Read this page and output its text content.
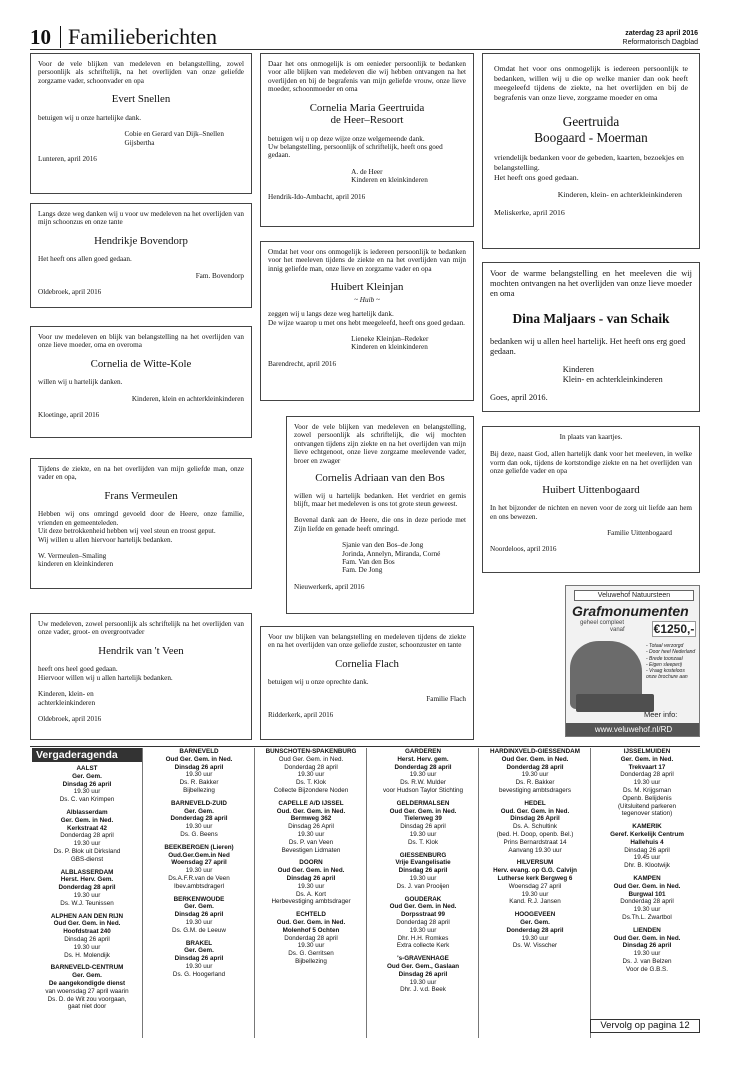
10 Familieberichten	zaterdag 23 april 2016
Reformatorisch Dagblad

Voor de vele blijken van medeleven en belangstelling, zowel persoonlijk als schriftelijk, na het overlijden van onze geliefde zorgzame vader, schoonvader en opa

Evert Snellen

betuigen wij u onze hartelijke dank.

Cobie en Gerard van Dijk–Snellen

Gijsbertha

Lunteren, april 2016

Langs deze weg danken wij u voor uw medeleven na het overlijden van mijn schoonzus en onze tante

Hendrikje Bovendorp

Het heeft ons allen goed gedaan.

Fam. Bovendorp

Oldebroek, april 2016

Voor uw medeleven en blijk van belangstelling na het overlijden van onze lieve moeder, oma en overoma

Cornelia de Witte-Kole

willen wij u hartelijk danken.

Kinderen, klein en achterkleinkinderen

Kloetinge, april 2016

Tijdens de ziekte, en na het overlijden van mijn geliefde man, onze vader en opa,

Frans Vermeulen

Hebben wij ons omringd gevoeld door de Heere, onze familie, vrienden en gemeenteleden.

Uit deze betrokkenheid hebben wij veel steun en troost geput.

Wij willen u allen hiervoor hartelijk bedanken.

W. Vermeulen–Smaling

kinderen en kleinkinderen

Uw medeleven, zowel persoonlijk als schriftelijk na het overlijden van onze vader, groot- en overgrootvader

Hendrik van 't Veen

heeft ons heel goed gedaan.

Hiervoor willen wij u allen hartelijk bedanken.

Kinderen, klein- en

achterkleinkinderen

Oldebroek, april 2016

Daar het ons onmogelijk is om eenieder persoonlijk te bedanken voor alle blijken van medeleven die wij hebben ontvangen na het overlijden en bij de begrafenis van mijn geliefde vrouw, onze lieve moeder, schoonmoeder en oma

Cornelia Maria Geertruida

de Heer–Resoort

betuigen wij u op deze wijze onze welgemeende dank.

Uw belangstelling, persoonlijk of schriftelijk, heeft ons goed gedaan.

A. de Heer

Kinderen en kleinkinderen

Hendrik-Ido-Ambacht, april 2016

Omdat het voor ons onmogelijk is iedereen persoonlijk te bedanken voor het meeleven tijdens de ziekte en na het overlijden van mijn innig geliefde man, onze lieve en zorgzame vader en opa

Huibert Kleinjan

~ Huib ~

zeggen wij u langs deze weg hartelijk dank.

De wijze waarop u met ons hebt meegeleefd, heeft ons goed gedaan.

Lieneke Kleinjan–Redeker

Kinderen en kleinkinderen

Barendrecht, april 2016

Voor de vele blijken van medeleven en belangstelling, zowel persoonlijk als schriftelijk, die wij mochten ontvangen tijdens zijn ziekte en na het overlijden van mijn lieve echtgenoot, onze lieve zorgzame meelevende vader, broer en zwager

Cornelis Adriaan van den Bos

willen wij u hartelijk bedanken. Het verdriet en gemis blijft, maar het medeleven is ons tot grote steun geweest.

Bovenal dank aan de Heere, die ons in deze periode met Zijn liefde en genade heeft omringd.

Sjanie van den Bos–de Jong

Jorinda, Annelyn, Miranda, Corné

Fam. Van den Bos

Fam. De Jong

Nieuwerkerk, april 2016

Voor uw blijken van belangstelling en medeleven tijdens de ziekte en na het overlijden van onze geliefde zuster, schoonzuster en tante

Cornelia Flach

betuigen wij u onze oprechte dank.

Familie Flach

Ridderkerk, april 2016

Omdat het voor ons onmogelijk is iedereen persoonlijk te bedanken, willen wij u die op welke manier dan ook heeft meegeleefd tijdens de ziekte, na het overlijden en bij de begrafenis van onze lieve, zorgzame moeder en oma

Geertruida

Boogaard - Moerman

vriendelijk bedanken voor de gebeden, kaarten, bezoekjes en belangstelling.

Het heeft ons goed gedaan.

Kinderen, klein- en achterkleinkinderen

Meliskerke, april 2016

Voor de warme belangstelling en het meeleven die wij mochten ontvangen na het overlijden van onze lieve moeder en oma

Dina Maljaars - van Schaik

bedanken wij u allen heel hartelijk. Het heeft ons erg goed gedaan.

Kinderen

Klein- en achterkleinkinderen

Goes, april 2016.

In plaats van kaartjes.

Bij deze, naast God, allen hartelijk dank voor het meeleven, in welke vorm dan ook, tijdens de kortstondige ziekte en na het overlijden van onze geliefde vader en opa

Huibert Uittenbogaard

In het bijzonder de nichten en neven voor de zorg uit liefde aan hem en ons bewezen.

Familie Uittenbogaard

Noordeloos, april 2016

Veluwehof Natuursteen
Grafmonumenten
geheel compleet
vanaf €1250,-
- Totaal verzorgd
- Door heel Nederland
- Brede toonzaal
- Eigen sleeperij
- Vraag kosteloos
onze brochure aan
Meer info:
www.veluwehof.nl/RD
Vergaderagenda
AALST
Ger. Gem.
Dinsdag 26 april
19.30 uur
Ds. C. van Krimpen
Alblasserdam
Ger. Gem. in Ned.
Kerkstraat 42
Donderdag 28 april
19.30 uur
Ds. P. Blok uit Dirksland
GBS-dienst
ALBLASSERDAM
Herst. Herv. Gem.
Donderdag 28 april
19.30 uur
Ds. W.J. Teunissen
ALPHEN AAN DEN RIJN
Oud Ger. Gem. in Ned.
Hoofdstraat 240
Dinsdag 26 april
19.30 uur
Ds. H. Molendijk
BARNEVELD-CENTRUM
Ger. Gem.
De aangekondigde dienst
van woensdag 27 april waarin
Ds. D. de Wit zou voorgaan,
gaat niet door
BARNEVELD
Oud Ger. Gem. in Ned.
Dinsdag 26 april
19.30 uur
Ds. R. Bakker
Bijbellezing
BARNEVELD-ZUID
Ger. Gem.
Donderdag 28 april
19.30 uur
Ds. G. Beens
BEEKBERGEN (Lieren)
Oud.Ger.Gem.in Ned
Woensdag 27 april
19.30 uur
Ds.A.F.R.van de Veen
Ibev.ambtsdragerl
BERKENWOUDE
Ger. Gem.
Dinsdag 26 april
19.30 uur
Ds. G.M. de Leeuw
BRAKEL
Ger. Gem.
Dinsdag 26 april
19.30 uur
Ds. G. Hoogerland
BUNSCHOTEN-SPAKENBURG
Oud Ger. Gem. in Ned.
Donderdag 28 april
19.30 uur
Ds. T. Klok
Collecte Bijzondere Noden
CAPELLE A/D IJSSEL
Oud. Ger. Gem. in Ned.
Bermweg 362
Dinsdag 26 April
19.30 uur
Ds. P. van Veen
Bevestigen Lidmaten
DOORN
Oud Ger. Gem. in Ned.
Dinsdag 26 april
19.30 uur
Ds. A. Kort
Herbevestiging ambtsdrager
ECHTELD
Oud. Ger. Gem. in Ned.
Molenhof 5 Ochten
Donderdag 28 april
19.30 uur
Ds. G. Gerritsen
Bijbellezing
GARDEREN
Herst. Herv. gem.
Donderdag 28 april
19.30 uur
Ds. R.W. Mulder
voor Hudson Taylor Stichting
GELDERMALSEN
Oud Ger. Gem. in Ned.
Tielerweg 39
Dinsdag 26 april
19.30 uur
Ds. T. Klok
GIESSENBURG
Vrije Evangelisatie
Dinsdag 26 april
19.30 uur
Ds. J. van Prooijen
GOUDERAK
Oud Ger. Gem. in Ned.
Dorpsstraat 99
Donderdag 28 april
19.30 uur
Dhr. H.H. Romkes
Extra collecte Kerk
's-GRAVENHAGE
Oud Ger. Gem., Gaslaan
Dinsdag 26 april
19.30 uur
Dhr. J. v.d. Beek
HARDINXVELD-GIESSENDAM
Oud Ger. Gem. in Ned.
Donderdag 28 april
19.30 uur
Ds. R. Bakker
bevestiging ambtsdragers
HEDEL
Oud. Ger. Gem. in Ned.
Dinsdag 26 April
Ds. A. Schultink
(bed. H. Doop, openb. Bel.)
Prins Bernardstraat 14
Aanvang 19.30 uur
HILVERSUM
Herv. evang. op G.G. Calvijn
Lutherse kerk Bergweg 6
Woensdag 27 april
19.30 uur
Kand. R.J. Jansen
HOOGEVEEN
Ger. Gem.
Donderdag 28 april
19.30 uur
Ds. W. Visscher
IJSSELMUIDEN
Ger. Gem. in Ned.
Trekvaart 17
Donderdag 28 april
19.30 uur
Ds. M. Krijgsman
Openb. Belijdenis
(Uitsluitend parkeren
tegenover station)
KAMERIK
Geref. Kerkelijk Centrum
Hallehuis 4
Dinsdag 26 april
19.45 uur
Dhr. B. Klootwijk
KAMPEN
Oud Ger. Gem. in Ned.
Burgwal 101
Donderdag 28 april
19.30 uur
Ds.Th.L. Zwartbol
LIENDEN
Oud Ger. Gem. in Ned.
Dinsdag 26 april
19.30 uur
Ds. J. van Belzen
Voor de G.B.S.
Vervolg op pagina 12
